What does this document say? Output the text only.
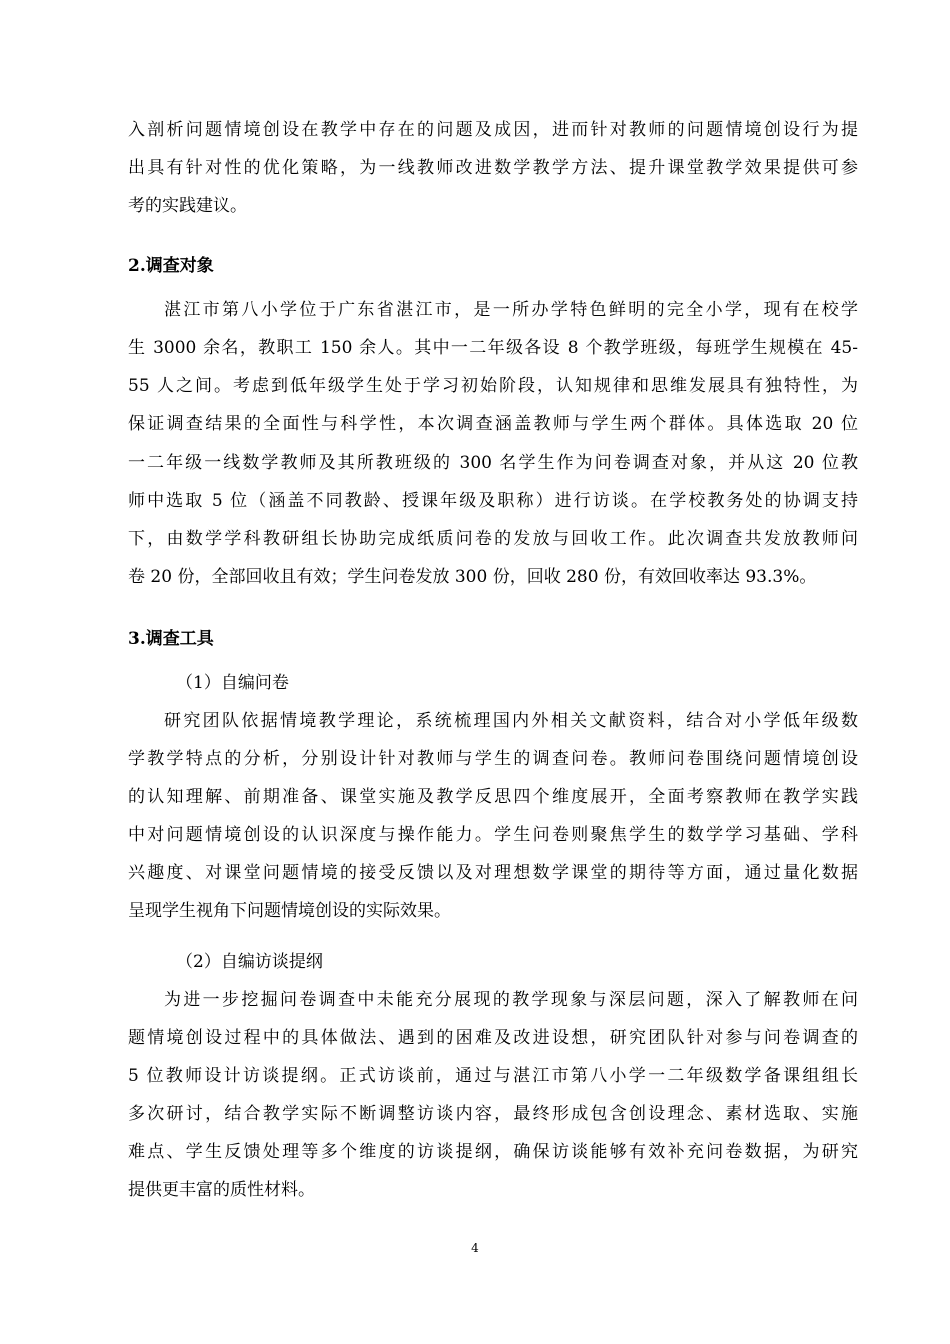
入剖析问题情境创设在教学中存在的问题及成因，进而针对教师的问题情境创设行为提
出具有针对性的优化策略，为一线教师改进数学教学方法、提升课堂教学效果提供可参
考的实践建议。
2.调查对象
湛江市第八小学位于广东省湛江市，是一所办学特色鲜明的完全小学，现有在校学
生 3000 余名，教职工 150 余人。其中一二年级各设 8 个教学班级，每班学生规模在 45-
55 人之间。考虑到低年级学生处于学习初始阶段，认知规律和思维发展具有独特性，为
保证调查结果的全面性与科学性，本次调查涵盖教师与学生两个群体。具体选取 20 位
一二年级一线数学教师及其所教班级的 300 名学生作为问卷调查对象，并从这 20 位教
师中选取 5 位（涵盖不同教龄、授课年级及职称）进行访谈。在学校教务处的协调支持
下，由数学学科教研组长协助完成纸质问卷的发放与回收工作。此次调查共发放教师问
卷 20 份，全部回收且有效；学生问卷发放 300 份，回收 280 份，有效回收率达 93.3%。
3.调查工具
（1）自编问卷
研究团队依据情境教学理论，系统梳理国内外相关文献资料，结合对小学低年级数
学教学特点的分析，分别设计针对教师与学生的调查问卷。教师问卷围绕问题情境创设
的认知理解、前期准备、课堂实施及教学反思四个维度展开，全面考察教师在教学实践
中对问题情境创设的认识深度与操作能力。学生问卷则聚焦学生的数学学习基础、学科
兴趣度、对课堂问题情境的接受反馈以及对理想数学课堂的期待等方面，通过量化数据
呈现学生视角下问题情境创设的实际效果。
（2）自编访谈提纲
为进一步挖掘问卷调查中未能充分展现的教学现象与深层问题，深入了解教师在问
题情境创设过程中的具体做法、遇到的困难及改进设想，研究团队针对参与问卷调查的
5 位教师设计访谈提纲。正式访谈前，通过与湛江市第八小学一二年级数学备课组组长
多次研讨，结合教学实际不断调整访谈内容，最终形成包含创设理念、素材选取、实施
难点、学生反馈处理等多个维度的访谈提纲，确保访谈能够有效补充问卷数据，为研究
提供更丰富的质性材料。
4
